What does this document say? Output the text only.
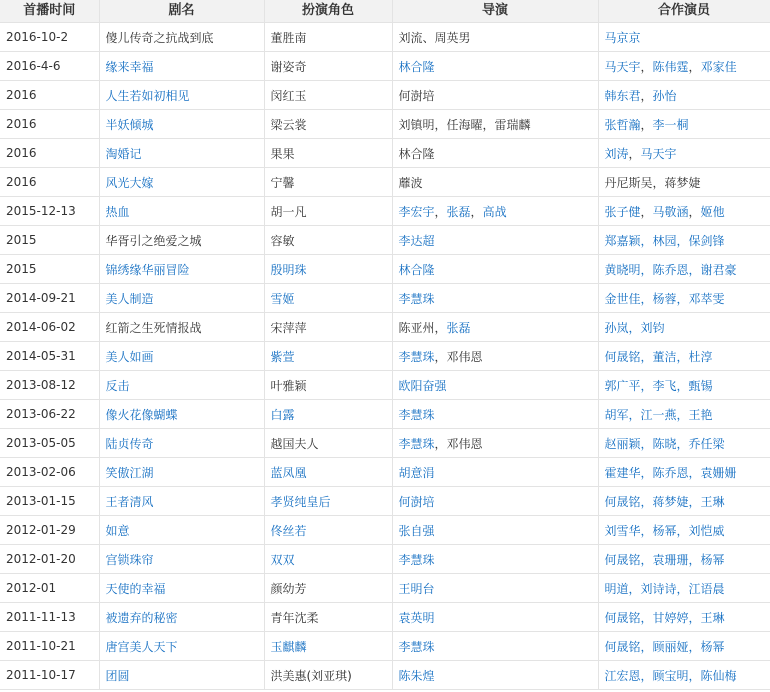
首播时间	剧名	扮演角色	导演	合作演员
2016-10-2	傻儿传奇之抗战到底	董胜南	刘流、周英男	马京京
2016-4-6	缘来幸福	谢姿奇	林合隆	马天宇，陈伟霆，邓家佳
2016	人生若如初相见	闵红玉	何澍培	韩东君，孙怡
2016	半妖倾城	梁云裳	刘镇明，任海曜，雷瑞麟	张哲瀚，李一桐
2016	淘婚记	果果	林合隆	刘涛，马天宇
2016	风光大嫁	宁馨	蘼波	丹尼斯吴，蒋梦婕
2015-12-13	热血	胡一凡	李宏宇，张磊，高战	张子健，马敬涵，姬他
2015	华胥引之绝爱之城	容敏	李达超	郑嘉颖，林园，保剑锋
2015	锦绣缘华丽冒险	殷明珠	林合隆	黄晓明，陈乔恩，谢君豪
2014-09-21	美人制造	雪姬	李慧珠	金世佳，杨蓉，邓萃雯
2014-06-02	红箭之生死情报战	宋萍萍	陈亚州，张磊	孙岚，刘钧
2014-05-31	美人如画	紫萱	李慧珠，邓伟恩	何晟铭，董洁，杜淳
2013-08-12	反击	叶雅颖	欧阳奋强	郭广平，李飞，甄锡
2013-06-22	像火花像蝴蝶	白露	李慧珠	胡军，江一燕，王艳
2013-05-05	陆贞传奇	越国夫人	李慧珠，邓伟恩	赵丽颖，陈晓，乔任梁
2013-02-06	笑傲江湖	蓝凤凰	胡意涓	霍建华，陈乔恩，袁姗姗
2013-01-15	王者清风	孝贤纯皇后	何澍培	何晟铭，蒋梦婕，王琳
2012-01-29	如意	佟丝若	张自强	刘雪华，杨幂，刘恺威
2012-01-20	宫锁珠帘	双双	李慧珠	何晟铭，袁珊珊，杨幂
2012-01	天使的幸福	颜幼芳	王明台	明道，刘诗诗，江语晨
2011-11-13	被遗弃的秘密	青年沈柔	袁英明	何晟铭，甘婷婷，王琳
2011-10-21	唐宫美人天下	玉麒麟	李慧珠	何晟铭，顾丽娅，杨幂
2011-10-17	团圆	洪美惠(刘亚琪)	陈朱煌	江宏恩，顾宝明，陈仙梅
